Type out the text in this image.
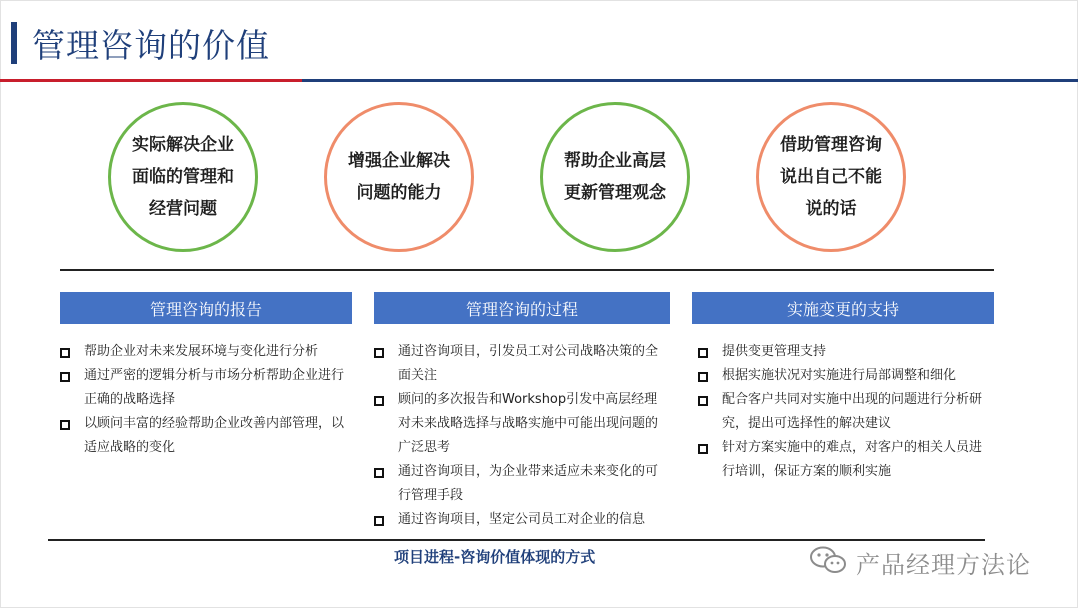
管理咨询的价值
实际解决企业面临的管理和经营问题
增强企业解决问题的能力
帮助企业高层更新管理观念
借助管理咨询说出自己不能说的话
管理咨询的报告	管理咨询的过程	实施变更的支持
帮助企业对未来发展环境与变化进行分析
通过严密的逻辑分析与市场分析帮助企业进行正确的战略选择
以顾问丰富的经验帮助企业改善内部管理，以适应战略的变化
通过咨询项目，引发员工对公司战略决策的全面关注
顾问的多次报告和Workshop引发中高层经理对未来战略选择与战略实施中可能出现问题的广泛思考
通过咨询项目，为企业带来适应未来变化的可行管理手段
通过咨询项目，坚定公司员工对企业的信息
提供变更管理支持
根据实施状况对实施进行局部调整和细化
配合客户共同对实施中出现的问题进行分析研究，提出可选择性的解决建议
针对方案实施中的难点，对客户的相关人员进行培训，保证方案的顺利实施
项目进程-咨询价值体现的方式	产品经理方法论
